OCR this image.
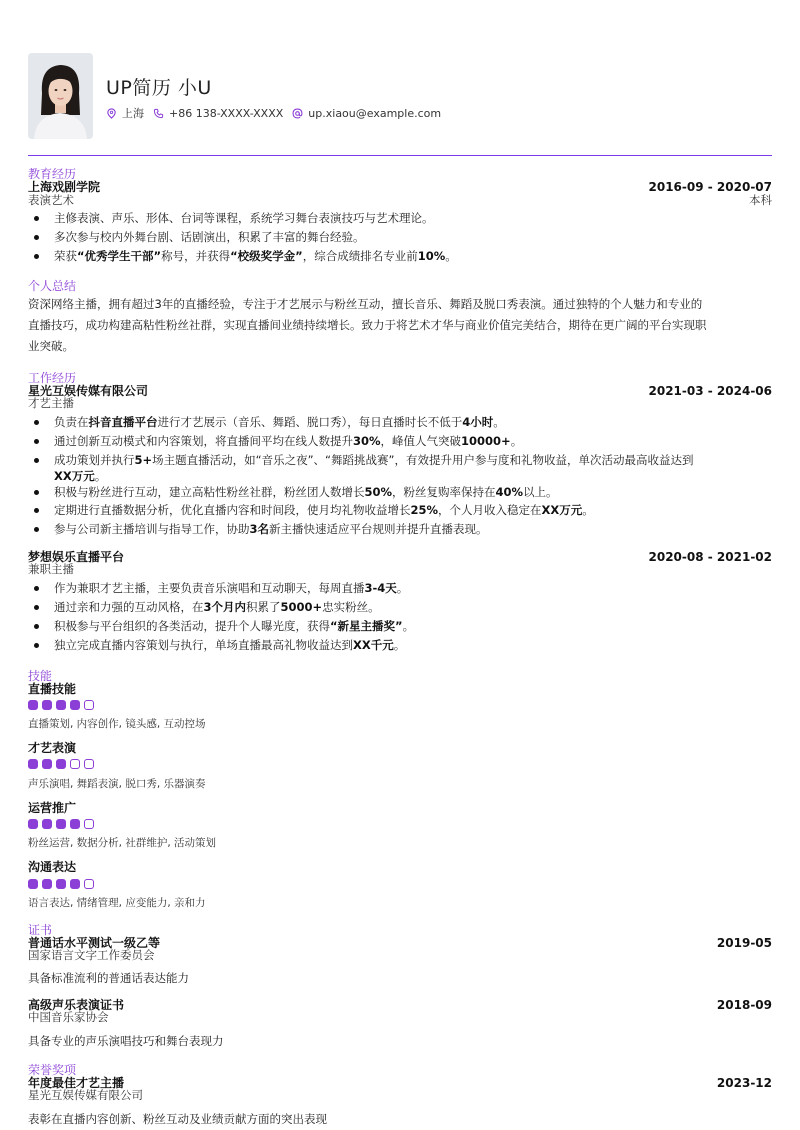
UP简历 小U
上海 +86 138-XXXX-XXXX up.xiaou@example.com
教育经历
上海戏剧学院	2016-09 - 2020-07
表演艺术	本科
主修表演、声乐、形体、台词等课程，系统学习舞台表演技巧与艺术理论。
多次参与校内外舞台剧、话剧演出，积累了丰富的舞台经验。
荣获“优秀学生干部”称号，并获得“校级奖学金”，综合成绩排名专业前10%。
个人总结
资深网络主播，拥有超过3年的直播经验，专注于才艺展示与粉丝互动，擅长音乐、舞蹈及脱口秀表演。通过独特的个人魅力和专业的
直播技巧，成功构建高粘性粉丝社群，实现直播间业绩持续增长。致力于将艺术才华与商业价值完美结合，期待在更广阔的平台实现职
业突破。
工作经历
星光互娱传媒有限公司	2021-03 - 2024-06
才艺主播
负责在抖音直播平台进行才艺展示（音乐、舞蹈、脱口秀），每日直播时长不低于4小时。
通过创新互动模式和内容策划，将直播间平均在线人数提升30%，峰值人气突破10000+。
成功策划并执行5+场主题直播活动，如“音乐之夜”、“舞蹈挑战赛”，有效提升用户参与度和礼物收益，单次活动最高收益达到
XX万元。
积极与粉丝进行互动，建立高粘性粉丝社群，粉丝团人数增长50%，粉丝复购率保持在40%以上。
定期进行直播数据分析，优化直播内容和时间段，使月均礼物收益增长25%，个人月收入稳定在XX万元。
参与公司新主播培训与指导工作，协助3名新主播快速适应平台规则并提升直播表现。
梦想娱乐直播平台	2020-08 - 2021-02
兼职主播
作为兼职才艺主播，主要负责音乐演唱和互动聊天，每周直播3-4天。
通过亲和力强的互动风格，在3个月内积累了5000+忠实粉丝。
积极参与平台组织的各类活动，提升个人曝光度，获得“新星主播奖”。
独立完成直播内容策划与执行，单场直播最高礼物收益达到XX千元。
技能
直播技能
直播策划, 内容创作, 镜头感, 互动控场
才艺表演
声乐演唱, 舞蹈表演, 脱口秀, 乐器演奏
运营推广
粉丝运营, 数据分析, 社群维护, 活动策划
沟通表达
语言表达, 情绪管理, 应变能力, 亲和力
证书
普通话水平测试一级乙等	2019-05
国家语言文字工作委员会
具备标准流利的普通话表达能力
高级声乐表演证书	2018-09
中国音乐家协会
具备专业的声乐演唱技巧和舞台表现力
荣誉奖项
年度最佳才艺主播	2023-12
星光互娱传媒有限公司
表彰在直播内容创新、粉丝互动及业绩贡献方面的突出表现
